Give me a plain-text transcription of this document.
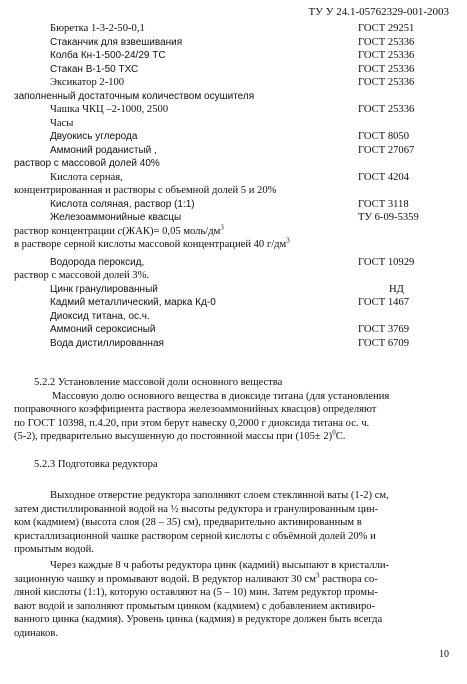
ТУ У 24.1-05762329-001-2003
Бюретка 1-3-2-50-0,1	ГОСТ 29251
Стаканчик для взвешивания	ГОСТ 25336
Колба Кн-1-500-24/29 ТС	ГОСТ 25336
Стакан В-1-50 ТХС	ГОСТ 25336
Эксикатор 2-100	ГОСТ 25336
заполненный достаточным количеством осушителя
Чашка ЧКЦ –2-1000, 2500	ГОСТ 25336
Часы
Двуокись углерода	ГОСТ 8050
Аммоний роданистый ,	ГОСТ 27067
раствор с массовой долей 40%
Кислота серная,	ГОСТ 4204
концентрированная и растворы с объемной долей 5 и 20%
Кислота соляная, раствор (1:1)	ГОСТ 3118
Железоаммонийные квасцы	ТУ 6-09-5359
раствор концентрации c(ЖАК)= 0,05 моль/$дм^3$
в растворе серной кислоты массовой концентрацией 40 $г/дм^3$
Водорода пероксид,	ГОСТ 10929
раствор с массовой долей 3%.
Цинк гранулированный	НД
Кадмий металлический, марка Кд-0	ГОСТ 1467
Диоксид титана, ос.ч.
Аммоний сероксисный	ГОСТ 3769
Вода дистиллированная	ГОСТ 6709
5.2.2 Установление массовой доли основного вещества
Массовую долю основного вещества в диоксиде титана (для установления
поправочного коэффициента раствора железоаммонийных квасцов) определяют
по ГОСТ 10398, п.4.20, при этом берут навеску 0,2000 г диоксида титана ос. ч.
(5-2), предварительно высушенную до постоянной массы при $(105\pm 2)^0С$.
5.2.3 Подготовка редуктора
Выходное отверстие редуктора заполняют слоем стеклянной ваты (1-2) см,
затем дистиллированной водой на ½ высоты редуктора и гранулированным цин-
ком (кадмием) (высота слоя (28 – 35) см), предварительно активированным в
кристаллизационной чашке раствором серной кислоты с объёмной долей 20% и
промытым водой.
Через каждые 8 ч работы редуктора цинк (кадмий) высыпают в кристалли-
зационную чашку и промывают водой. В редуктор наливают 30 $см^3$ раствора со-
ляной кислоты (1:1), которую оставляют на (5 – 10) мин. Затем редуктор промы-
вают водой и заполняют промытым цинком (кадмием) с добавлением активиро-
ванного цинка (кадмия). Уровень цинка (кадмия) в редукторе должен быть всегда
одинаков.
10
